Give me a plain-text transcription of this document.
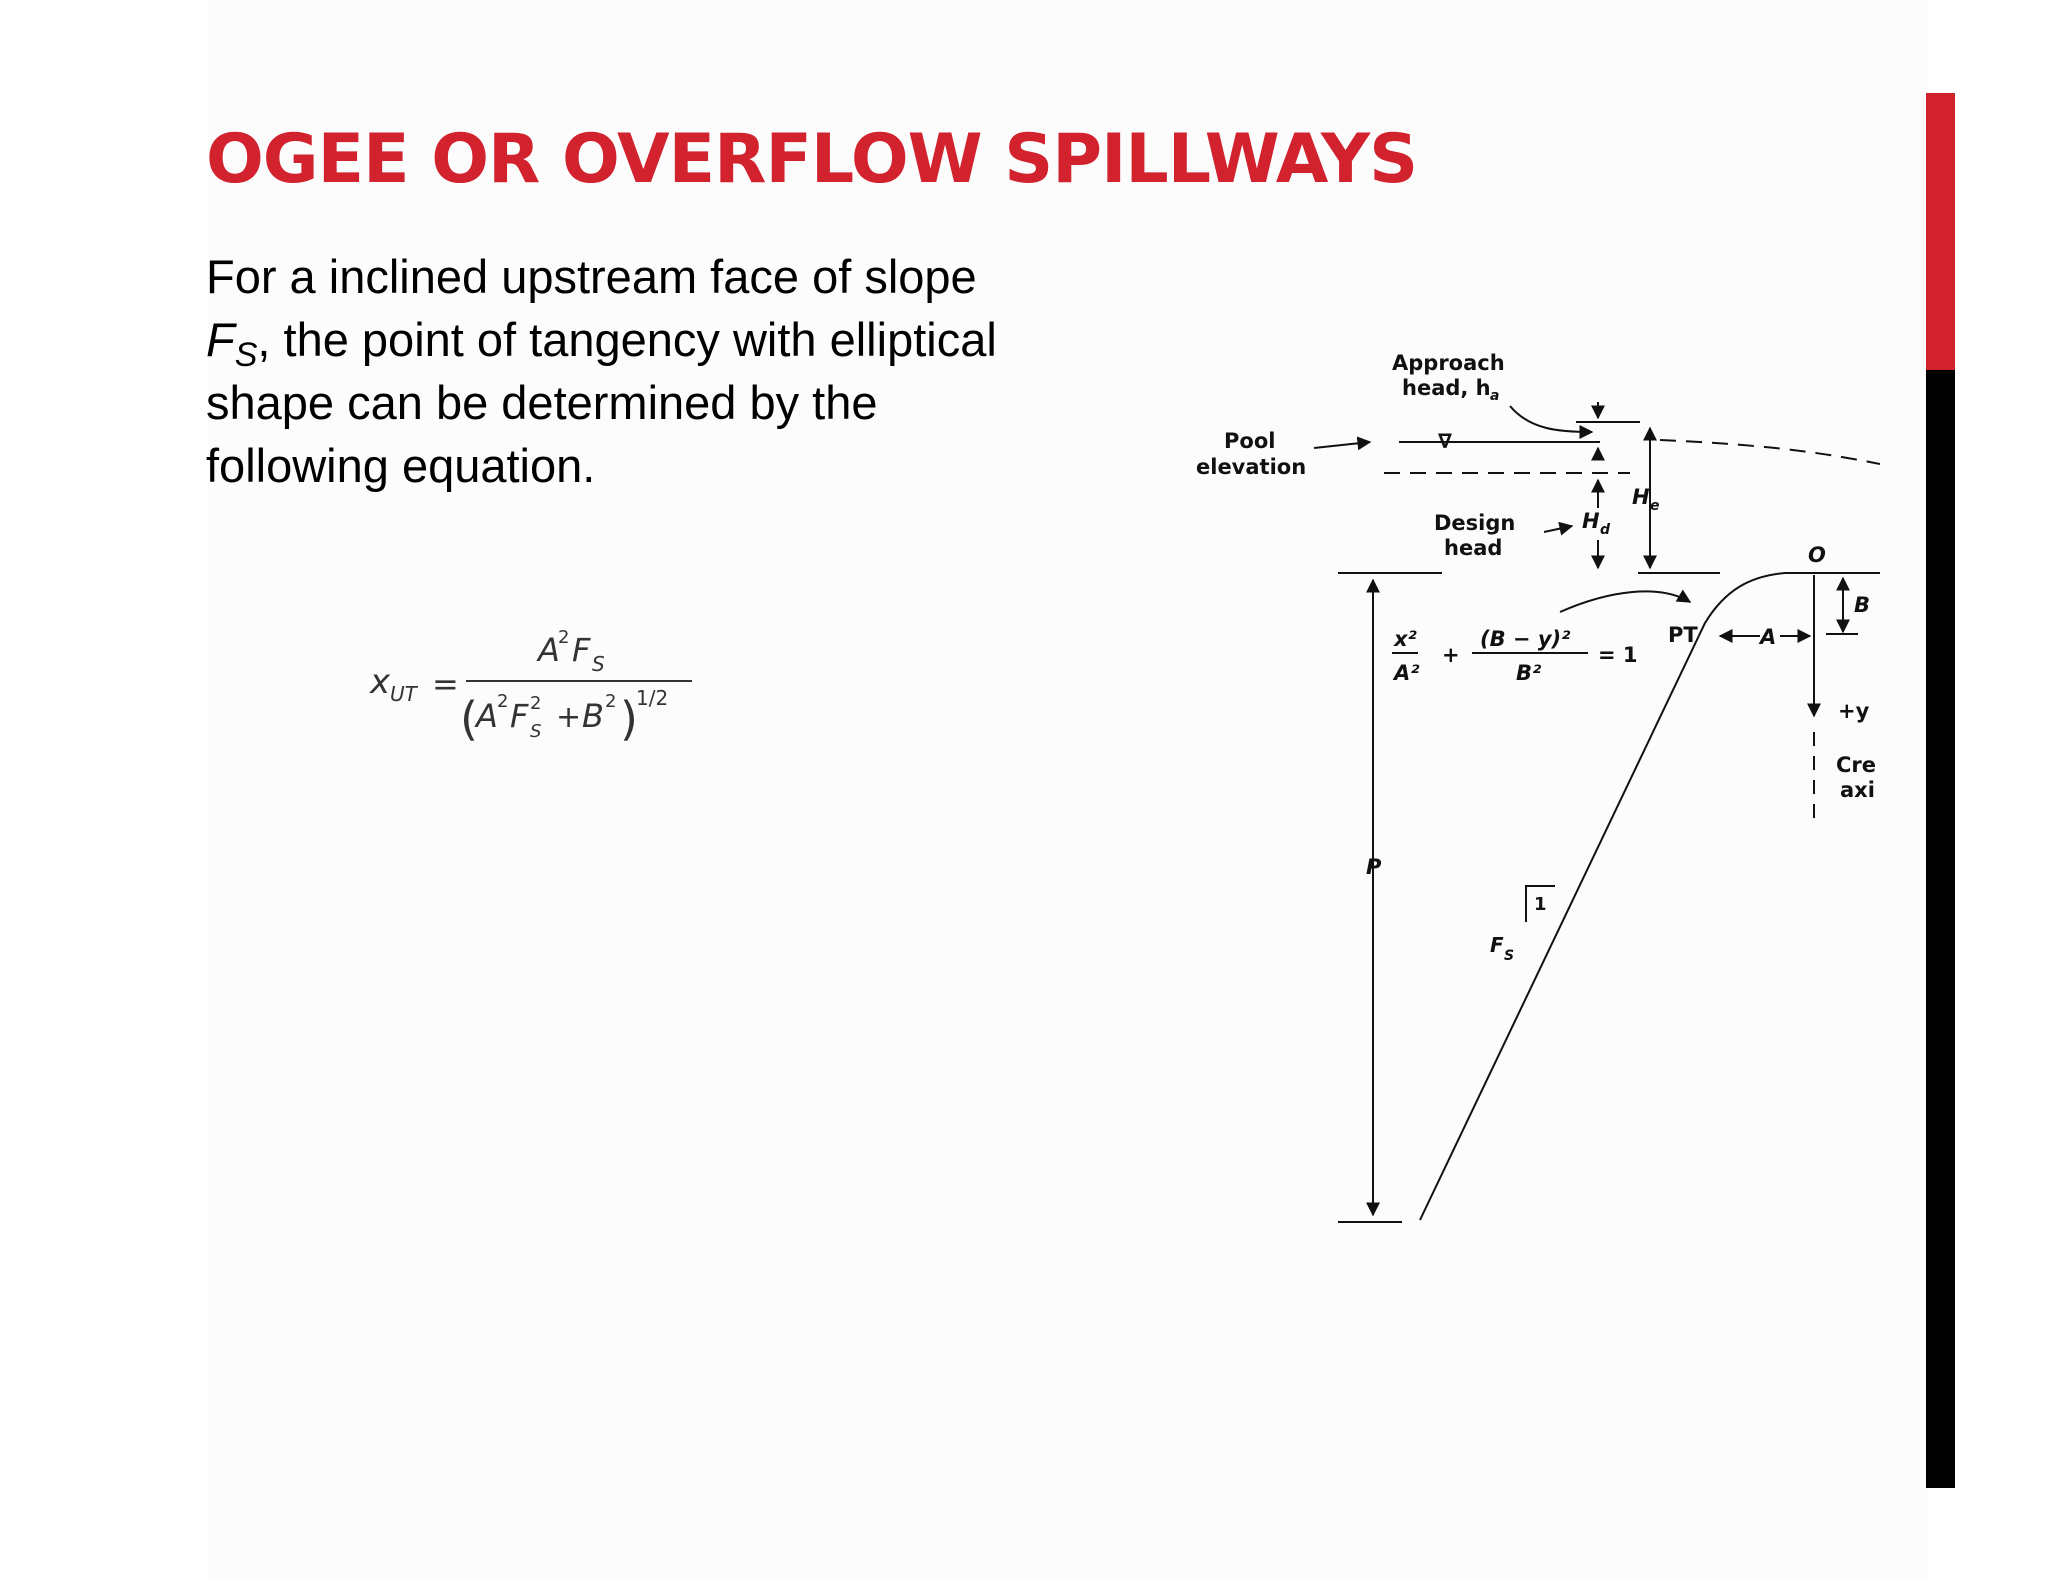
OGEE OR OVERFLOW SPILLWAYS

For a inclined upstream face of slope
$F_S$, the point of tangency with elliptical
shape can be determined by the
following equation.

x UT =
A
2 F S
(
A 2 F 2
S + B 2 )
1/2
Approach
head, h a
Pool
elevation
∇
Design
head
H d
H e
O
B
A
PT
+y
Cre
axi
P
1
F S
x²
A²
+
(B − y)²
B²
= 1
